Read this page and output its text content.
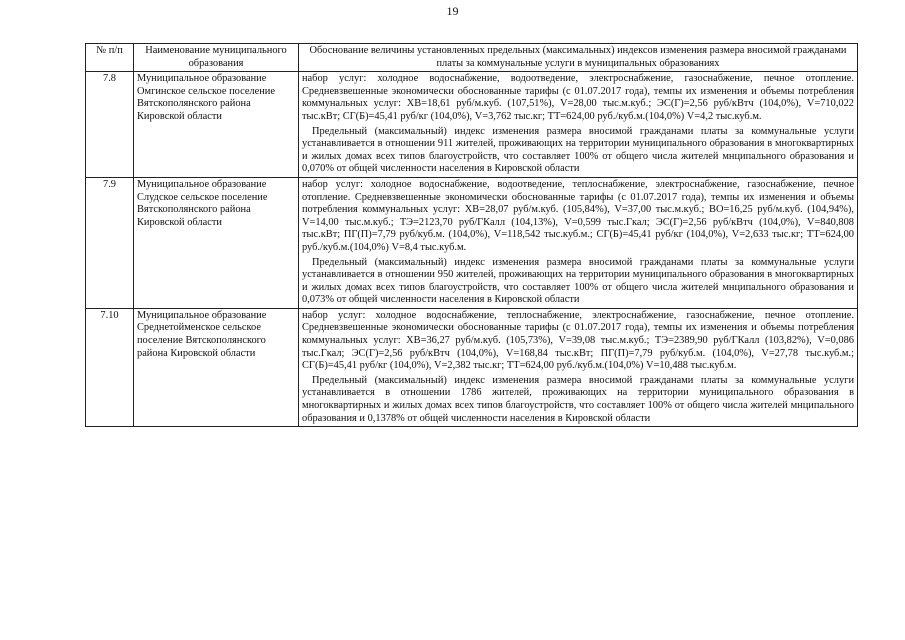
19
№ п/п	Наименование муниципального образования	Обоснование величины установленных предельных (максимальных) индексов изменения размера вносимой гражданами платы за коммунальные услуги в муниципальных образованиях
7.8	Муниципальное образование Омгинское сельское поселение Вятскополянского района Кировской области	набор услуг: холодное водоснабжение, водоотведение, электроснабжение, газоснабжение, печное отопление. Средневзвешенные экономически обоснованные тарифы (с 01.07.2017 года), темпы их изменения и объемы потребления коммунальных услуг: ХВ=18,61 руб/м.куб. (107,51%), V=28,00 тыс.м.куб.; ЭС(Г)=2,56 руб/кВтч (104,0%), V=710,022 тыс.кВт; СГ(Б)=45,41 руб/кг (104,0%), V=3,762 тыс.кг; ТТ=624,00 руб./куб.м.(104,0%) V=4,2 тыс.куб.м.

Предельный (максимальный) индекс изменения размера вносимой гражданами платы за коммунальные услуги устанавливается в отношении 911 жителей, проживающих на территории муниципального образования в многоквартирных и жилых домах всех типов благоустройств, что составляет 100% от общего числа жителей мнципального образования и 0,070% от общей численности населения в Кировской области

7.9	Муниципальное образование Слудское сельское поселение Вятскополянского района Кировской области	набор услуг: холодное водоснабжение, водоотведение, теплоснабжение, электроснабжение, газоснабжение, печное отопление. Средневзвешенные экономически обоснованные тарифы (с 01.07.2017 года), темпы их изменения и объемы потребления коммунальных услуг: ХВ=28,07 руб/м.куб. (105,84%), V=37,00 тыс.м.куб.; ВО=16,25 руб/м.куб. (104,94%), V=14,00 тыс.м.куб.; ТЭ=2123,70 руб/ГКалл (104,13%), V=0,599 тыс.Гкал; ЭС(Г)=2,56 руб/кВтч (104,0%), V=840,808 тыс.кВт; ПГ(П)=7,79 руб/куб.м. (104,0%), V=118,542 тыс.куб.м.; СГ(Б)=45,41 руб/кг (104,0%), V=2,633 тыс.кг; ТТ=624,00 руб./куб.м.(104,0%) V=8,4 тыс.куб.м.

Предельный (максимальный) индекс изменения размера вносимой гражданами платы за коммунальные услуги устанавливается в отношении 950 жителей, проживающих на территории муниципального образования в многоквартирных и жилых домах всех типов благоустройств, что составляет 100% от общего числа жителей мнципального образования и 0,073% от общей численности населения в Кировской области

7.10	Муниципальное образование Среднетойменское сельское поселение Вятскополянского района Кировской области	набор услуг: холодное водоснабжение, теплоснабжение, электроснабжение, газоснабжение, печное отопление. Средневзвешенные экономически обоснованные тарифы (с 01.07.2017 года), темпы их изменения и объемы потребления коммунальных услуг: ХВ=36,27 руб/м.куб. (105,73%), V=39,08 тыс.м.куб.; ТЭ=2389,90 руб/ГКалл (103,82%), V=0,086 тыс.Гкал; ЭС(Г)=2,56 руб/кВтч (104,0%), V=168,84 тыс.кВт; ПГ(П)=7,79 руб/куб.м. (104,0%), V=27,78 тыс.куб.м.; СГ(Б)=45,41 руб/кг (104,0%), V=2,382 тыс.кг; ТТ=624,00 руб./куб.м.(104,0%) V=10,488 тыс.куб.м.

Предельный (максимальный) индекс изменения размера вносимой гражданами платы за коммунальные услуги устанавливается в отношении 1786 жителей, проживающих на территории муниципального образования в многоквартирных и жилых домах всех типов благоустройств, что составляет 100% от общего числа жителей мнципального образования и 0,1378% от общей численности населения в Кировской области
